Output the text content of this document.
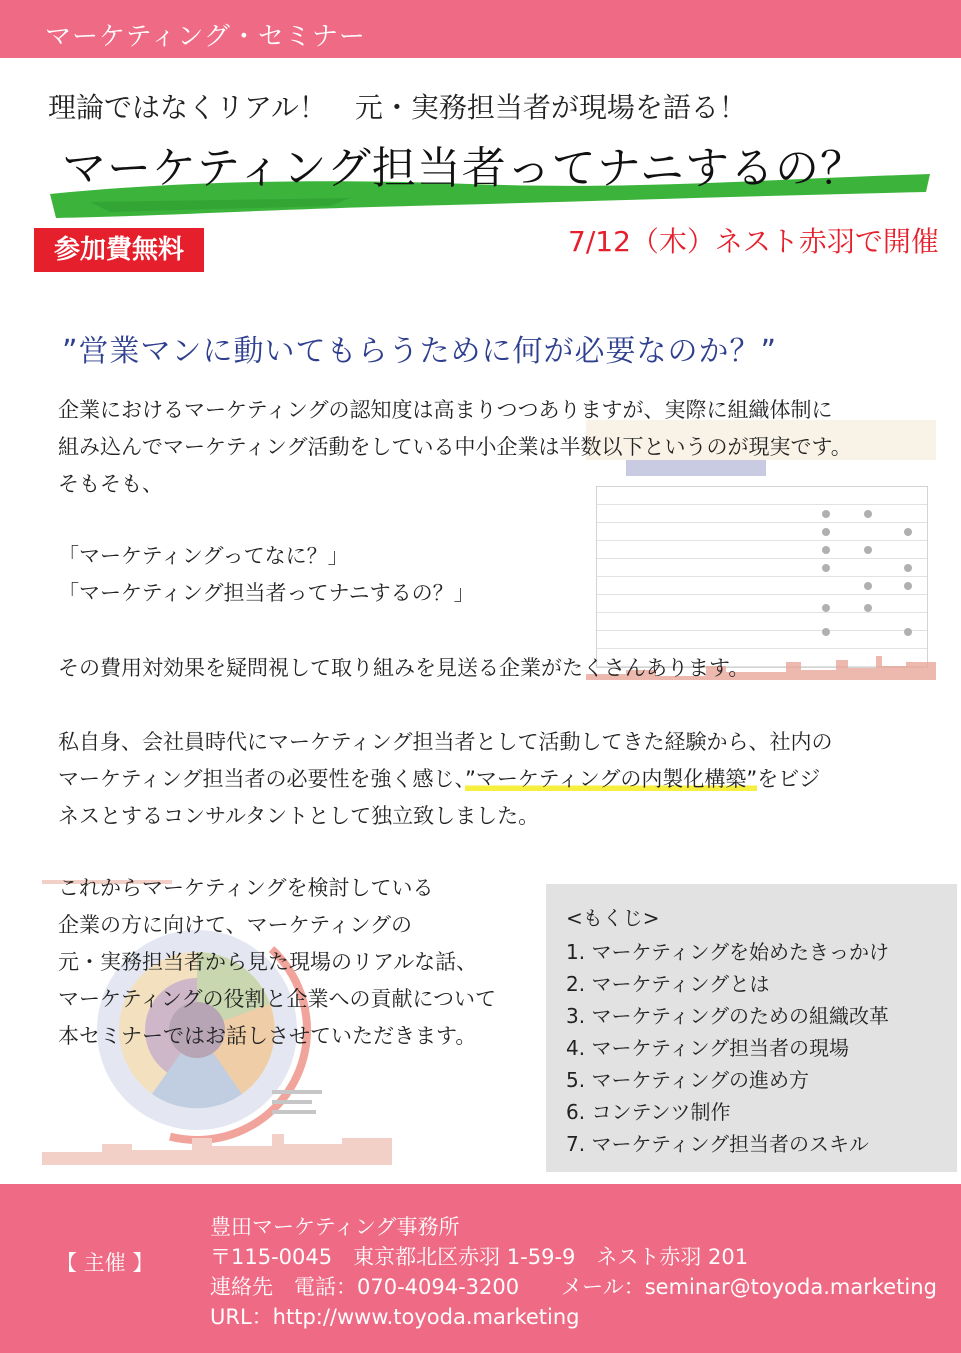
マーケティング・セミナー
理論ではなくリアル！　元・実務担当者が現場を語る！
マーケティング担当者ってナニするの？
参加費無料	7/12（木）ネスト赤羽で開催
”営業マンに動いてもらうために何が必要なのか？”
企業におけるマーケティングの認知度は高まりつつありますが、実際に組織体制に
組み込んでマーケティング活動をしている中小企業は半数以下というのが現実です。
そもそも、
「マーケティングってなに？」
「マーケティング担当者ってナニするの？」
その費用対効果を疑問視して取り組みを見送る企業がたくさんあります。
私自身、会社員時代にマーケティング担当者として活動してきた経験から、社内の
マーケティング担当者の必要性を強く感じ、”マーケティングの内製化構築”をビジ
ネスとするコンサルタントとして独立致しました。
これからマーケティングを検討している
企業の方に向けて、マーケティングの
元・実務担当者から見た現場のリアルな話、
マーケティングの役割と企業への貢献について
本セミナーではお話しさせていただきます。
<もくじ>
1. マーケティングを始めたきっかけ
2. マーケティングとは
3. マーケティングのための組織改革
4. マーケティング担当者の現場
5. マーケティングの進め方
6. コンテンツ制作
7. マーケティング担当者のスキル
【 主催 】
豊田マーケティング事務所
〒115-0045　東京都北区赤羽 1-59-9　ネスト赤羽 201
連絡先　電話：070-4094-3200　　メール：seminar@toyoda.marketing
URL：http://www.toyoda.marketing
